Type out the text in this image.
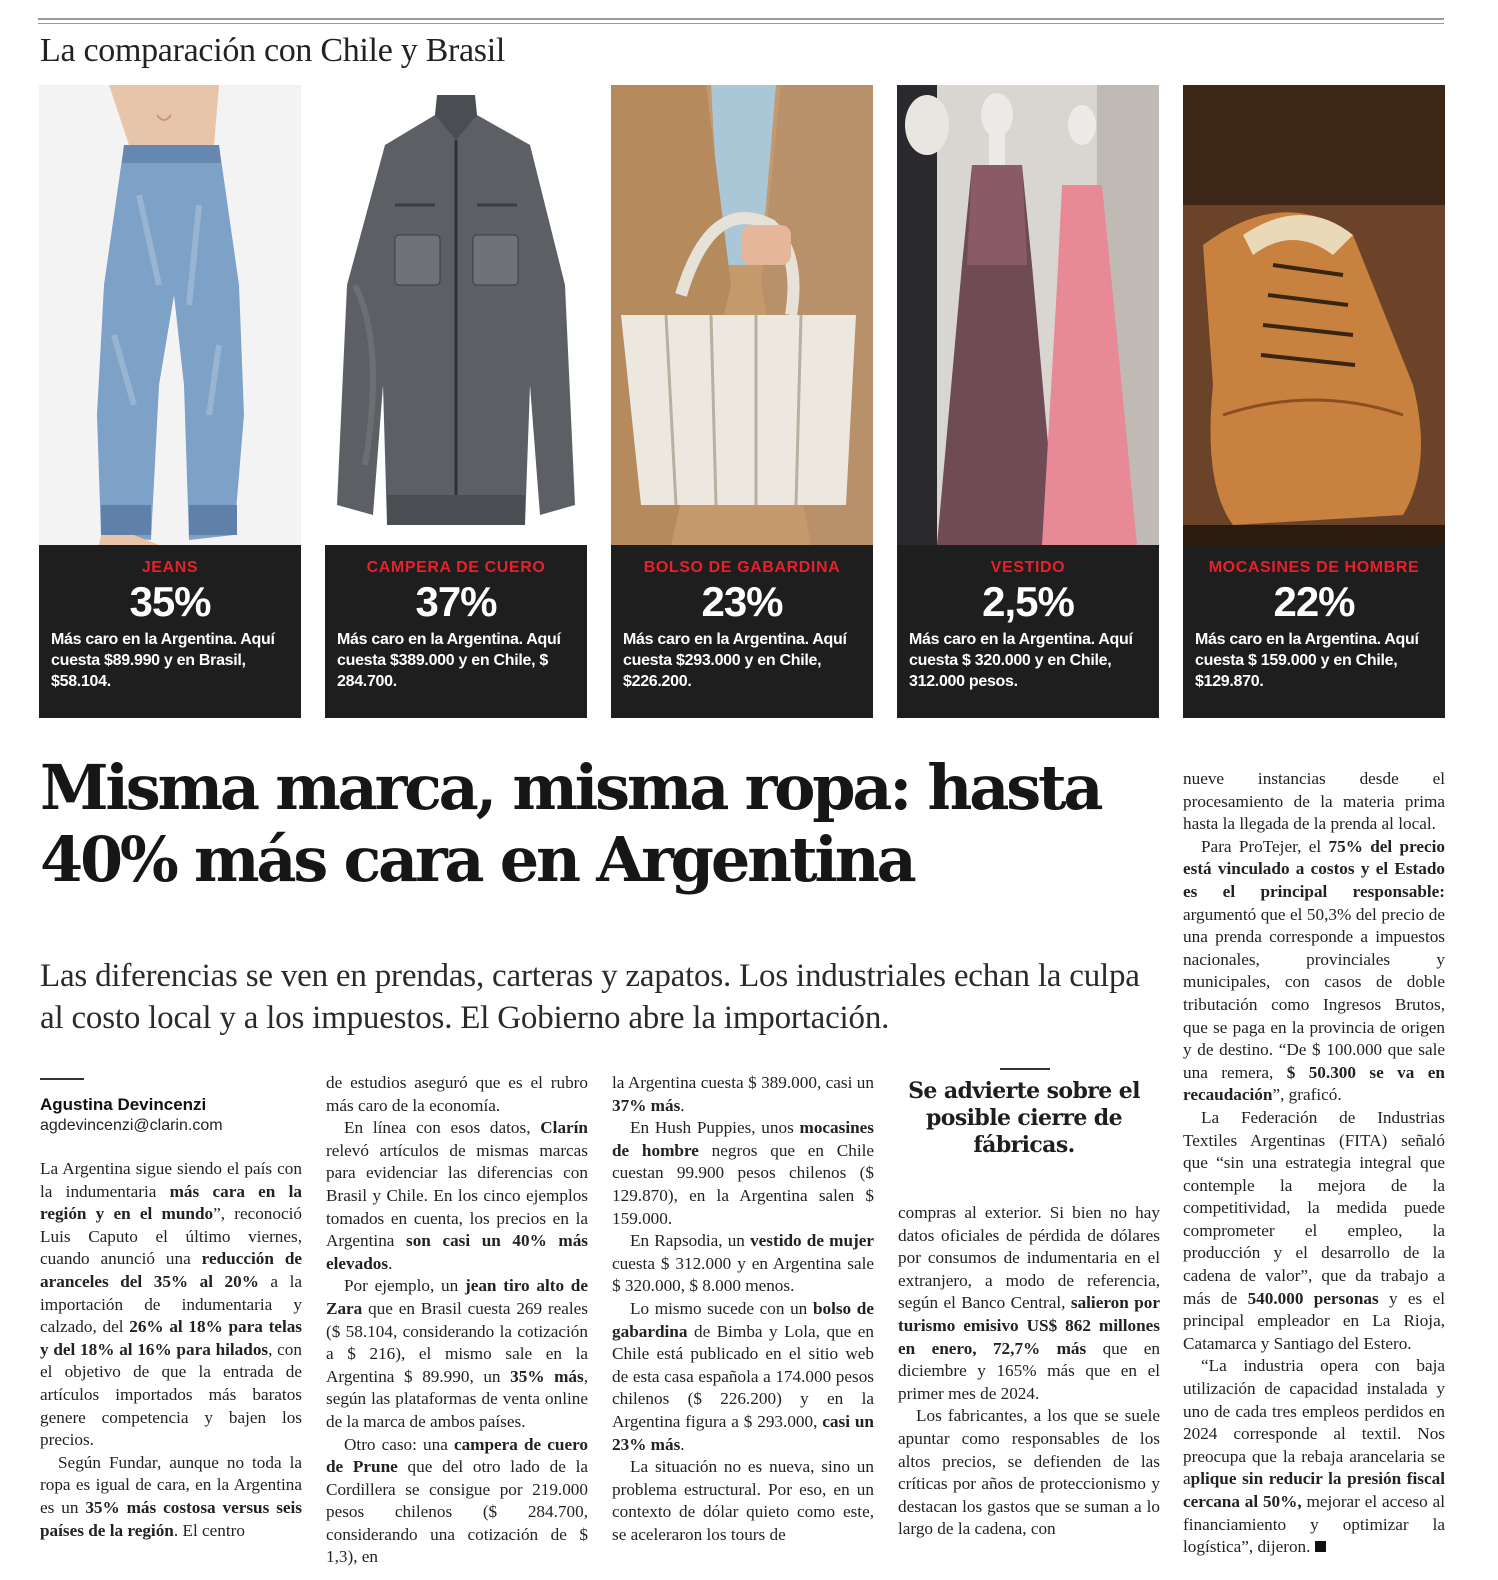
La comparación con Chile y Brasil
JEANS
35%
Más caro en la Argentina. Aquí cuesta $89.990 y en Brasil, $58.104.
CAMPERA DE CUERO
37%
Más caro en la Argentina. Aquí cuesta $389.000 y en Chile, $ 284.700.
BOLSO DE GABARDINA
23%
Más caro en la Argentina. Aquí cuesta $293.000 y en Chile, $226.200.
VESTIDO
2,5%
Más caro en la Argentina. Aquí cuesta $ 320.000 y en Chile, 312.000 pesos.
MOCASINES DE HOMBRE
22%
Más caro en la Argentina. Aquí cuesta $ 159.000 y en Chile, $129.870.
Misma marca, misma ropa: hasta 40% más cara en Argentina
Las diferencias se ven en prendas, carteras y zapatos. Los industriales echan la culpa al costo local y a los impuestos. El Gobierno abre la importación.
Agustina Devincenzi
agdevincenzi@clarin.com

La Argentina sigue siendo el país con la indumentaria más cara en la región y en el mundo”, reconoció Luis Caputo el último viernes, cuando anunció una reducción de aranceles del 35% al 20% a la importación de indumentaria y calzado, del 26% al 18% para telas y del 18% al 16% para hilados, con el objetivo de que la entrada de artículos importados más baratos genere competencia y bajen los precios.

Según Fundar, aunque no toda la ropa es igual de cara, en la Argentina es un 35% más costosa versus seis países de la región. El centro

de estudios aseguró que es el rubro más caro de la economía.

En línea con esos datos, Clarín relevó artículos de mismas marcas para evidenciar las diferencias con Brasil y Chile. En los cinco ejemplos tomados en cuenta, los precios en la Argentina son casi un 40% más elevados.

Por ejemplo, un jean tiro alto de Zara que en Brasil cuesta 269 reales ($ 58.104, considerando la cotización a $ 216), el mismo sale en la Argentina $ 89.990, un 35% más, según las plataformas de venta online de la marca de ambos países.

Otro caso: una campera de cuero de Prune que del otro lado de la Cordillera se consigue por 219.000 pesos chilenos ($ 284.700, considerando una cotización de $ 1,3), en

la Argentina cuesta $ 389.000, casi un 37% más.

En Hush Puppies, unos mocasines de hombre negros que en Chile cuestan 99.900 pesos chilenos ($ 129.870), en la Argentina salen $ 159.000.

En Rapsodia, un vestido de mujer cuesta $ 312.000 y en Argentina sale $ 320.000, $ 8.000 menos.

Lo mismo sucede con un bolso de gabardina de Bimba y Lola, que en Chile está publicado en el sitio web de esta casa española a 174.000 pesos chilenos ($ 226.200) y en la Argentina figura a $ 293.000, casi un 23% más.

La situación no es nueva, sino un problema estructural. Por eso, en un contexto de dólar quieto como este, se aceleraron los tours de

Se advierte sobre el posible cierre de fábricas.

compras al exterior. Si bien no hay datos oficiales de pérdida de dólares por consumos de indumentaria en el extranjero, a modo de referencia, según el Banco Central, salieron por turismo emisivo US$ 862 millones en enero, 72,7% más que en diciembre y 165% más que en el primer mes de 2024.

Los fabricantes, a los que se suele apuntar como responsables de los altos precios, se defienden de las críticas por años de proteccionismo y destacan los gastos que se suman a lo largo de la cadena, con

nueve instancias desde el procesamiento de la materia prima hasta la llegada de la prenda al local.

Para ProTejer, el 75% del precio está vinculado a costos y el Estado es el principal responsable: argumentó que el 50,3% del precio de una prenda corresponde a impuestos nacionales, provinciales y municipales, con casos de doble tributación como Ingresos Brutos, que se paga en la provincia de origen y de destino. “De $ 100.000 que sale una remera, $ 50.300 se va en recaudación”, graficó.

La Federación de Industrias Textiles Argentinas (FITA) señaló que “sin una estrategia integral que contemple la mejora de la competitividad, la medida puede comprometer el empleo, la producción y el desarrollo de la cadena de valor”, que da trabajo a más de 540.000 personas y es el principal empleador en La Rioja, Catamarca y Santiago del Estero.

“La industria opera con baja utilización de capacidad instalada y uno de cada tres empleos perdidos en 2024 corresponde al textil. Nos preocupa que la rebaja arancelaria se aplique sin reducir la presión fiscal cercana al 50%, mejorar el acceso al financiamiento y optimizar la logística”, dijeron.
